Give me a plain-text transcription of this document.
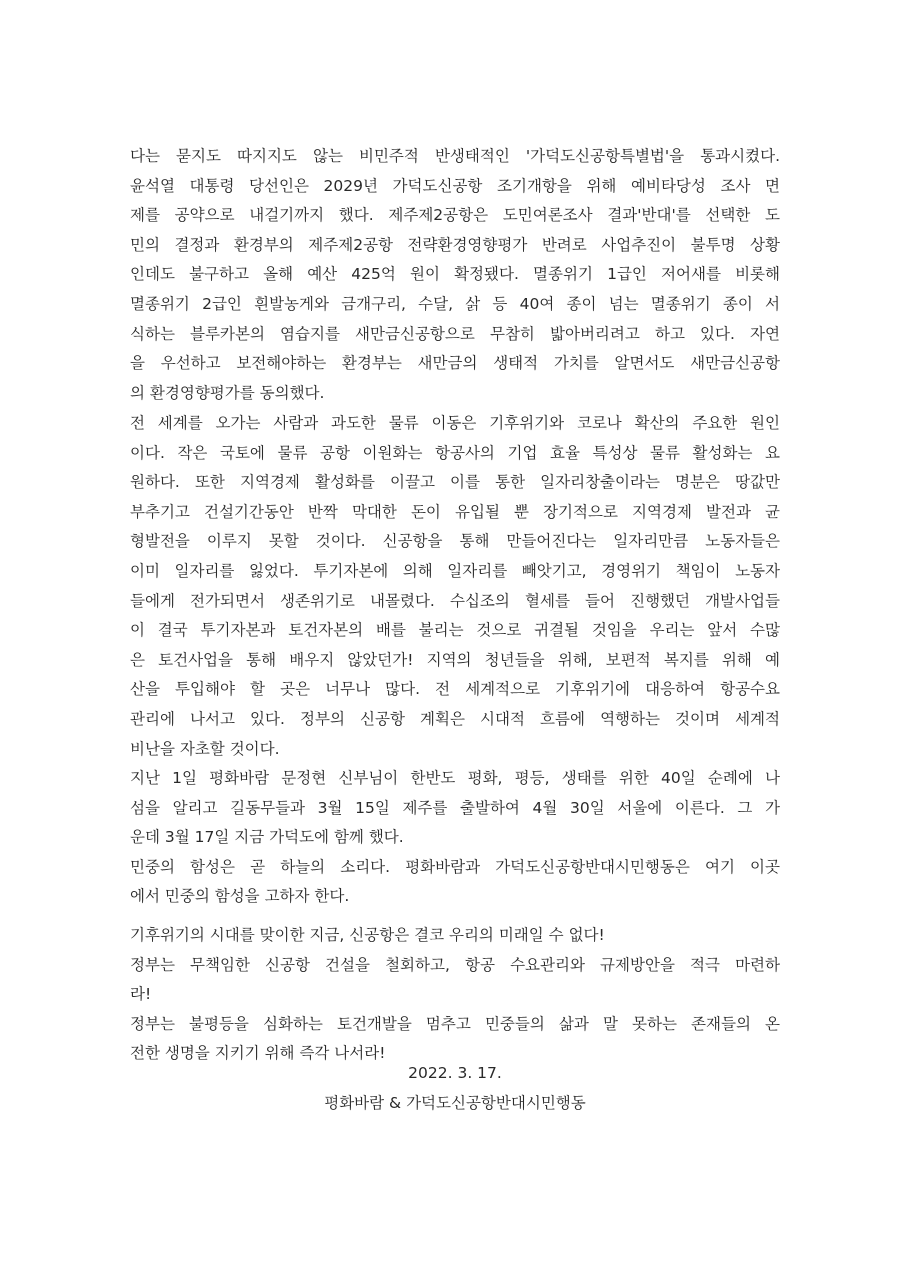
다는 묻지도 따지지도 않는 비민주적 반생태적인 '가덕도신공항특별법'을 통과시켰다.
윤석열 대통령 당선인은 2029년 가덕도신공항 조기개항을 위해 예비타당성 조사 면
제를 공약으로 내걸기까지 했다. 제주제2공항은 도민여론조사 결과'반대'를 선택한 도
민의 결정과 환경부의 제주제2공항 전략환경영향평가 반려로 사업추진이 불투명 상황
인데도 불구하고 올해 예산 425억 원이 확정됐다. 멸종위기 1급인 저어새를 비롯해
멸종위기 2급인 흰발농게와 금개구리, 수달, 삵 등 40여 종이 넘는 멸종위기 종이 서
식하는 블루카본의 염습지를 새만금신공항으로 무참히 밟아버리려고 하고 있다. 자연
을 우선하고 보전해야하는 환경부는 새만금의 생태적 가치를 알면서도 새만금신공항
의 환경영향평가를 동의했다.
전 세계를 오가는 사람과 과도한 물류 이동은 기후위기와 코로나 확산의 주요한 원인
이다. 작은 국토에 물류 공항 이원화는 항공사의 기업 효율 특성상 물류 활성화는 요
원하다. 또한 지역경제 활성화를 이끌고 이를 통한 일자리창출이라는 명분은 땅값만
부추기고 건설기간동안 반짝 막대한 돈이 유입될 뿐 장기적으로 지역경제 발전과 균
형발전을 이루지 못할 것이다. 신공항을 통해 만들어진다는 일자리만큼 노동자들은
이미 일자리를 잃었다. 투기자본에 의해 일자리를 빼앗기고, 경영위기 책임이 노동자
들에게 전가되면서 생존위기로 내몰렸다. 수십조의 혈세를 들어 진행했던 개발사업들
이 결국 투기자본과 토건자본의 배를 불리는 것으로 귀결될 것임을 우리는 앞서 수많
은 토건사업을 통해 배우지 않았던가! 지역의 청년들을 위해, 보편적 복지를 위해 예
산을 투입해야 할 곳은 너무나 많다. 전 세계적으로 기후위기에 대응하여 항공수요
관리에 나서고 있다. 정부의 신공항 계획은 시대적 흐름에 역행하는 것이며 세계적
비난을 자초할 것이다.
지난 1일 평화바람 문정현 신부님이 한반도 평화, 평등, 생태를 위한 40일 순례에 나
섬을 알리고 길동무들과 3월 15일 제주를 출발하여 4월 30일 서울에 이른다. 그 가
운데 3월 17일 지금 가덕도에 함께 했다.
민중의 함성은 곧 하늘의 소리다. 평화바람과 가덕도신공항반대시민행동은 여기 이곳
에서 민중의 함성을 고하자 한다.
기후위기의 시대를 맞이한 지금, 신공항은 결코 우리의 미래일 수 없다!
정부는 무책임한 신공항 건설을 철회하고, 항공 수요관리와 규제방안을 적극 마련하
라!
정부는 불평등을 심화하는 토건개발을 멈추고 민중들의 삶과 말 못하는 존재들의 온
전한 생명을 지키기 위해 즉각 나서라!
2022. 3. 17.
평화바람 & 가덕도신공항반대시민행동
